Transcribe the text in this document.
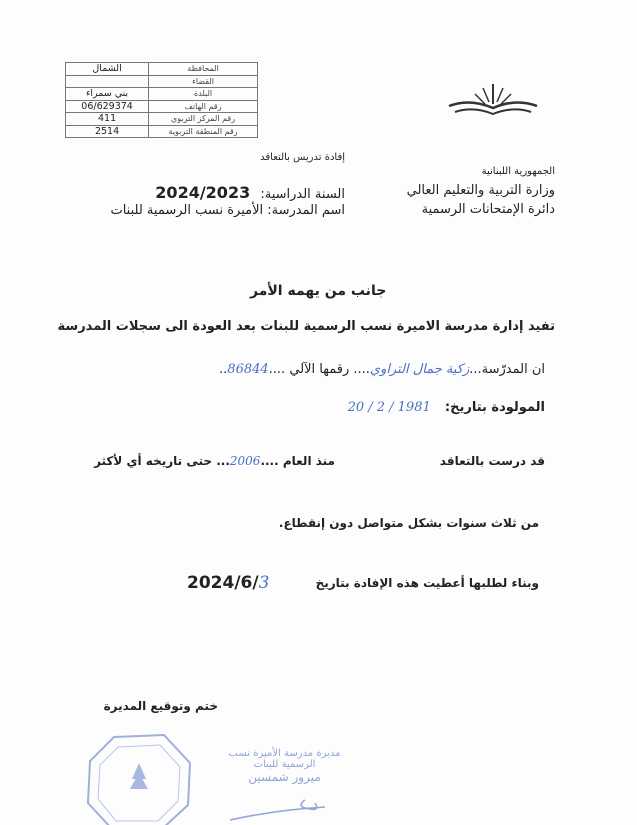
الشمال	المحافظة
	القضاء
بني سمراء	البلدة
06/629374	رقم الهاتف
411	رقم المركز التربوي
2514	رقم المنطقة التربوية
إفادة تدريس بالتعاقد
الجمهورية اللبنانية
وزارة التربية والتعليم العالي
دائرة الإمتحانات الرسمية
السنة الدراسية: 2024/2023
اسم المدرسة: الأميرة نسب الرسمية للبنات
جانب من يهمه الأمر
تفيد إدارة مدرسة الاميرة نسب الرسمية للبنات بعد العودة الى سجلات المدرسة
ان المدرّسة...زكية جمال التراوي.... رقمها الآلي ....86844..
المولودة بتاريخ: 20 / 2 / 1981
قد درست بالتعاقد
منذ العام ....2006... حتى تاريخه أي لأكثر
من ثلاث سنوات بشكل متواصل دون إنقطاع.
وبناء لطلبها أعطيت هذه الإفادة بتاريخ
2024/6/3
ختم وتوقيع المديرة
مديرة مدرسة الأميرة نسب
الرسمية للبنات
ميرور شمسين
